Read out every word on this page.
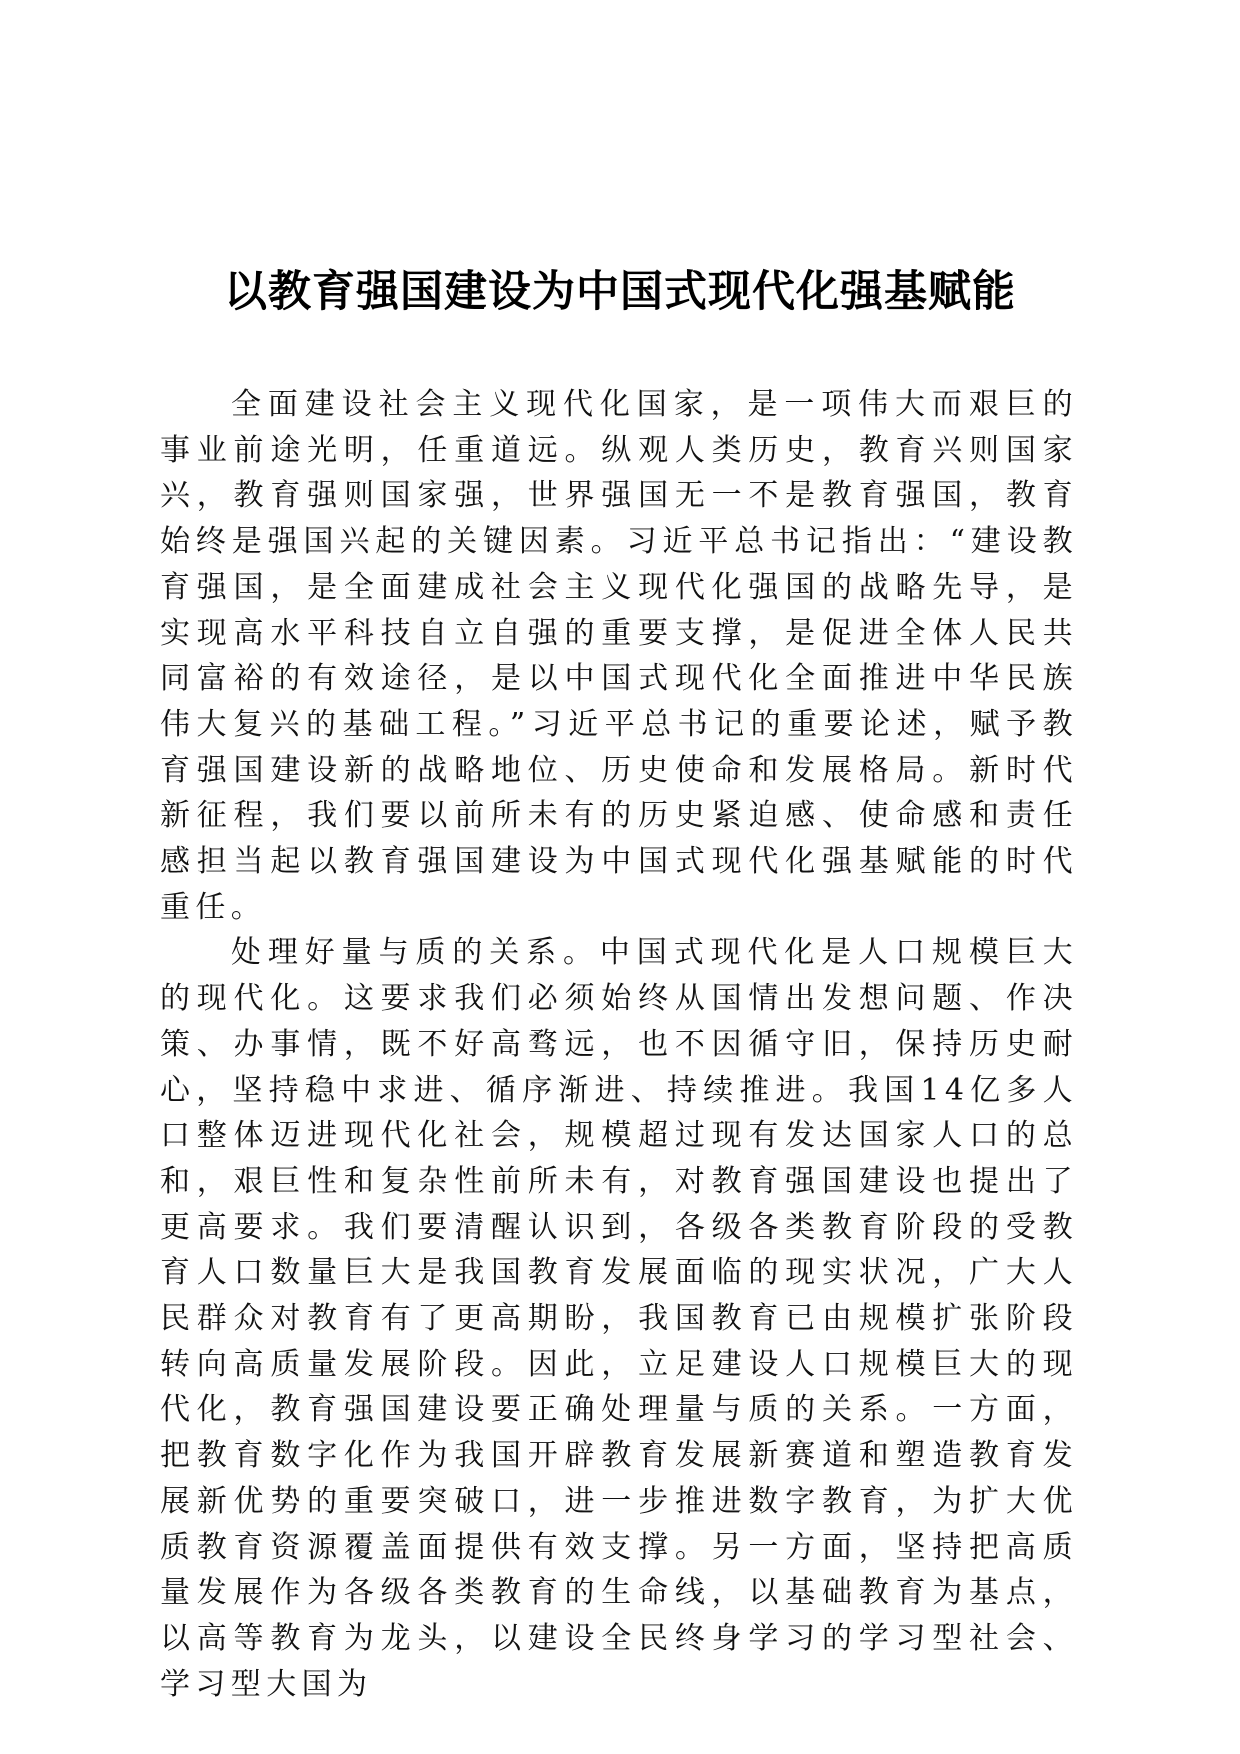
以教育强国建设为中国式现代化强基赋能

全面建设社会主义现代化国家，是一项伟大而艰巨的事业前途光明，任重道远。纵观人类历史，教育兴则国家兴，教育强则国家强，世界强国无一不是教育强国，教育始终是强国兴起的关键因素。习近平总书记指出：“建设教育强国，是全面建成社会主义现代化强国的战略先导，是实现高水平科技自立自强的重要支撑，是促进全体人民共同富裕的有效途径，是以中国式现代化全面推进中华民族伟大复兴的基础工程。”习近平总书记的重要论述，赋予教育强国建设新的战略地位、历史使命和发展格局。新时代新征程，我们要以前所未有的历史紧迫感、使命感和责任感担当起以教育强国建设为中国式现代化强基赋能的时代重任。

处理好量与质的关系。中国式现代化是人口规模巨大的现代化。这要求我们必须始终从国情出发想问题、作决策、办事情，既不好高骛远，也不因循守旧，保持历史耐心，坚持稳中求进、循序渐进、持续推进。我国14亿多人口整体迈进现代化社会，规模超过现有发达国家人口的总和，艰巨性和复杂性前所未有，对教育强国建设也提出了更高要求。我们要清醒认识到，各级各类教育阶段的受教育人口数量巨大是我国教育发展面临的现实状况，广大人民群众对教育有了更高期盼，我国教育已由规模扩张阶段转向高质量发展阶段。因此，立足建设人口规模巨大的现代化，教育强国建设要正确处理量与质的关系。一方面，把教育数字化作为我国开辟教育发展新赛道和塑造教育发展新优势的重要突破口，进一步推进数字教育，为扩大优质教育资源覆盖面提供有效支撑。另一方面，坚持把高质量发展作为各级各类教育的生命线，以基础教育为基点，以高等教育为龙头，以建设全民终身学习的学习型社会、学习型大国为
